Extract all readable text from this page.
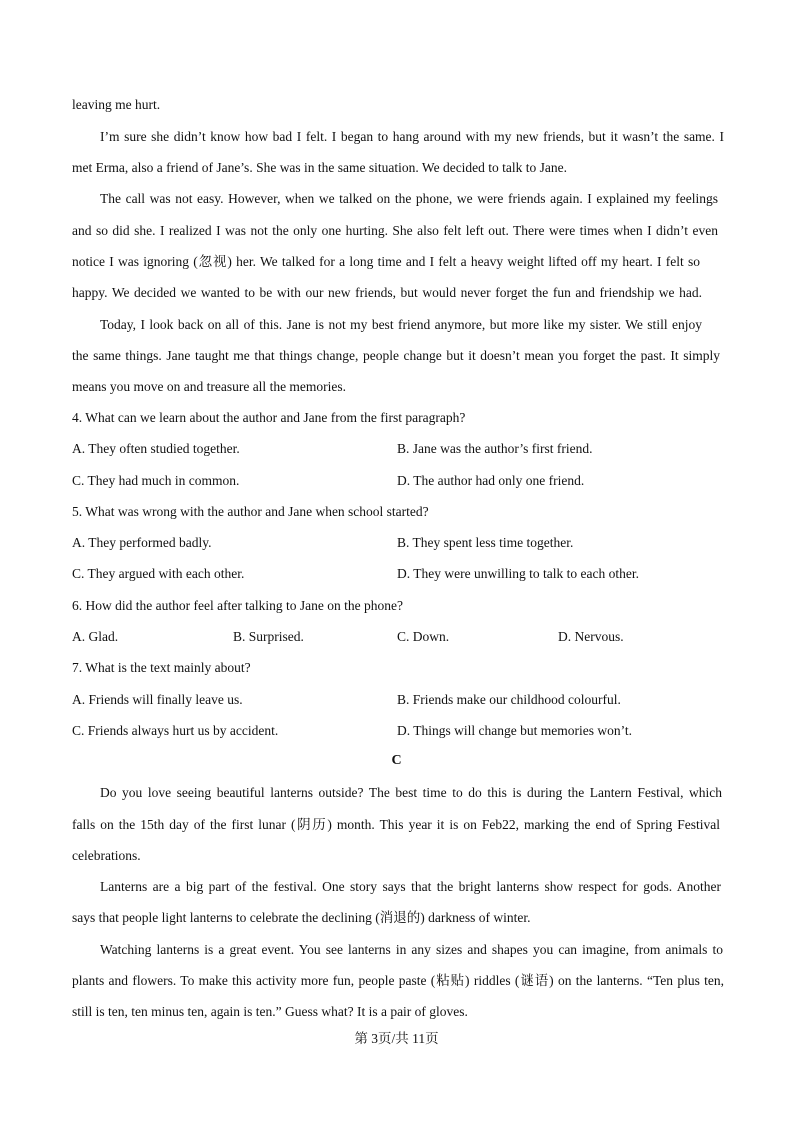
leaving me hurt.
I’m sure she didn’t know how bad I felt. I began to hang around with my new friends, but it wasn’t the same. I
met Erma, also a friend of Jane’s. She was in the same situation. We decided to talk to Jane.
The call was not easy. However, when we talked on the phone, we were friends again. I explained my feelings
and so did she. I realized I was not the only one hurting. She also felt left out. There were times when I didn’t even
notice I was ignoring (忽视) her. We talked for a long time and I felt a heavy weight lifted off my heart. I felt so
happy. We decided we wanted to be with our new friends, but would never forget the fun and friendship we had.
Today, I look back on all of this. Jane is not my best friend anymore, but more like my sister. We still enjoy
the same things. Jane taught me that things change, people change but it doesn’t mean you forget the past. It simply
means you move on and treasure all the memories.
4. What can we learn about the author and Jane from the first paragraph?
A. They often studied together.	B. Jane was the author’s first friend.
C. They had much in common.	D. The author had only one friend.
5. What was wrong with the author and Jane when school started?
A. They performed badly.	B. They spent less time together.
C. They argued with each other.	D. They were unwilling to talk to each other.
6. How did the author feel after talking to Jane on the phone?
A. Glad.	B. Surprised.	C. Down.	D. Nervous.
7. What is the text mainly about?
A. Friends will finally leave us.	B. Friends make our childhood colourful.
C. Friends always hurt us by accident.	D. Things will change but memories won’t.
C
Do you love seeing beautiful lanterns outside? The best time to do this is during the Lantern Festival, which
falls on the 15th day of the first lunar (阴历) month. This year it is on Feb22, marking the end of Spring Festival
celebrations.
Lanterns are a big part of the festival. One story says that the bright lanterns show respect for gods. Another
says that people light lanterns to celebrate the declining (消退的) darkness of winter.
Watching lanterns is a great event. You see lanterns in any sizes and shapes you can imagine, from animals to
plants and flowers. To make this activity more fun, people paste (粘贴) riddles (谜语) on the lanterns. “Ten plus ten,
still is ten, ten minus ten, again is ten.” Guess what? It is a pair of gloves.
第 3页/共 11页
